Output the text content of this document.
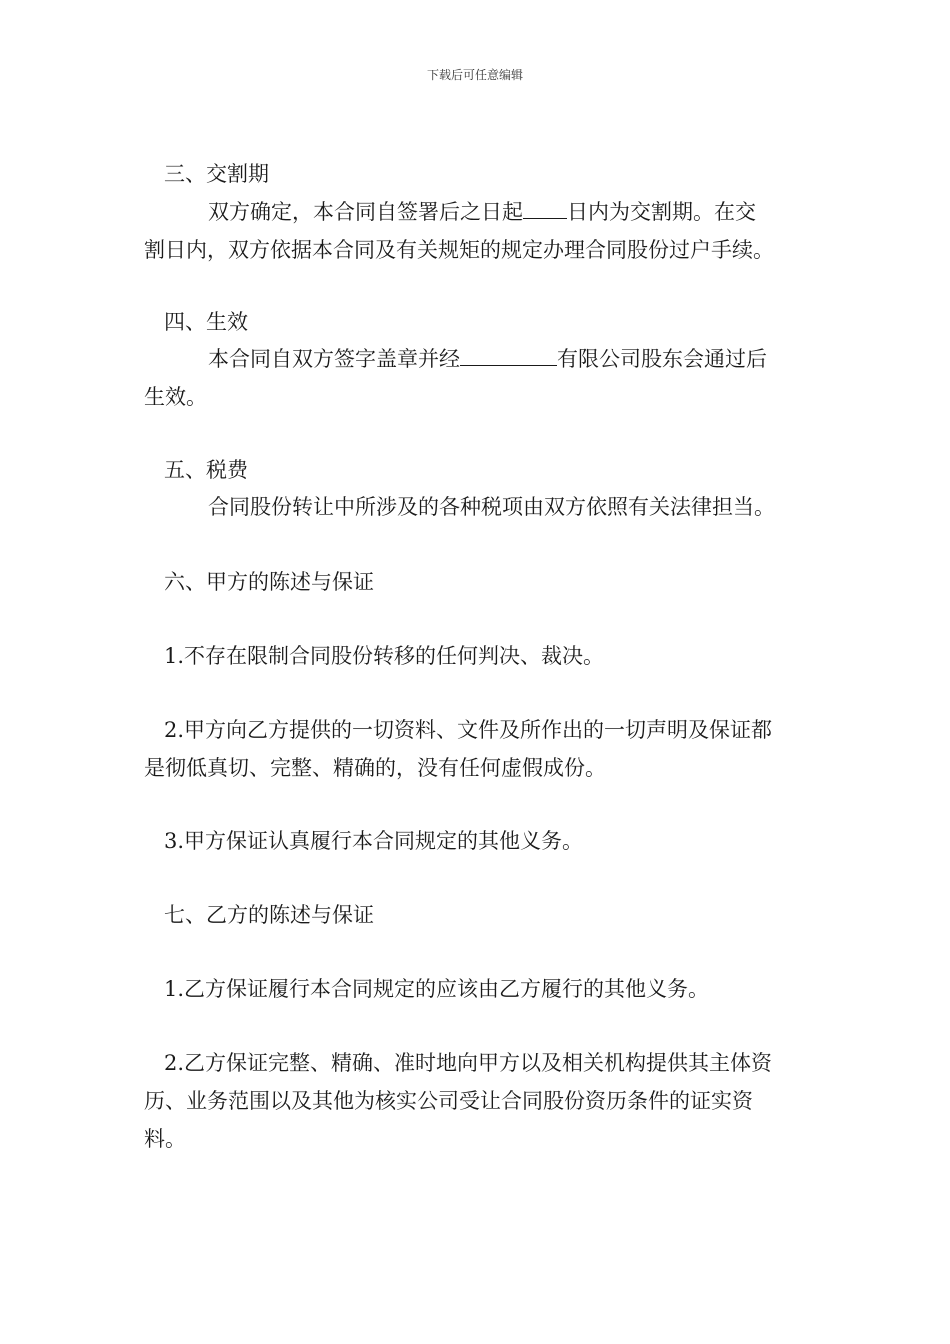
下载后可任意编辑
三、交割期
双方确定，本合同自签署后之日起 日内为交割期。在交
割日内，双方依据本合同及有关规矩的规定办理合同股份过户手续。
四、生效
本合同自双方签字盖章并经	有限公司股东会通过后
生效。
五、税费
合同股份转让中所涉及的各种税项由双方依照有关法律担当。
六、甲方的陈述与保证
1.不存在限制合同股份转移的任何判决、裁决。
2.甲方向乙方提供的一切资料、文件及所作出的一切声明及保证都
是彻低真切、完整、精确的，没有任何虚假成份。
3.甲方保证认真履行本合同规定的其他义务。
七、乙方的陈述与保证
1.乙方保证履行本合同规定的应该由乙方履行的其他义务。
2.乙方保证完整、精确、准时地向甲方以及相关机构提供其主体资
历、业务范围以及其他为核实公司受让合同股份资历条件的证实资
料。
